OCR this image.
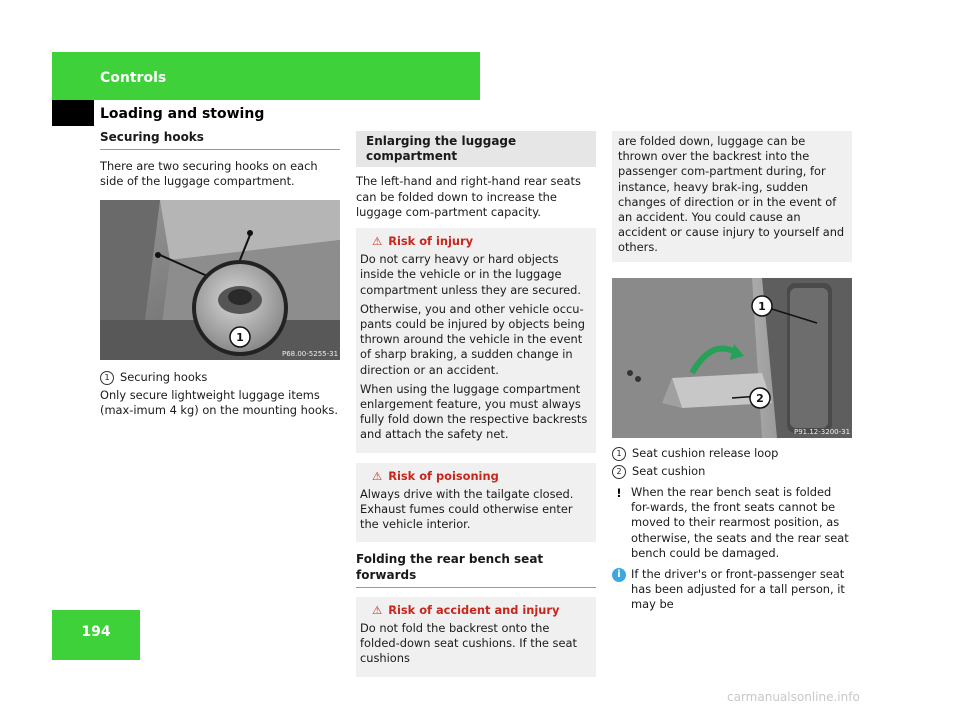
Controls
Loading and stowing
Securing hooks

There are two securing hooks on each side of the luggage compartment.

1
P68.00-5255-31
1 Securing hooks

Only secure lightweight luggage items (max-imum 4 kg) on the mounting hooks.

Enlarging the luggage compartment

The left-hand and right-hand rear seats can be folded down to increase the luggage com-partment capacity.

⚠ Risk of injury

Do not carry heavy or hard objects inside the vehicle or in the luggage compartment unless they are secured.

Otherwise, you and other vehicle occu-pants could be injured by objects being thrown around the vehicle in the event of sharp braking, a sudden change in direction or an accident.

When using the luggage compartment enlargement feature, you must always fully fold down the respective backrests and attach the safety net.

⚠ Risk of poisoning

Always drive with the tailgate closed. Exhaust fumes could otherwise enter the vehicle interior.

Folding the rear bench seat forwards
⚠ Risk of accident and injury

Do not fold the backrest onto the folded-down seat cushions. If the seat cushions

are folded down, luggage can be thrown over the backrest into the passenger com-partment during, for instance, heavy brak-ing, sudden changes of direction or in the event of an accident. You could cause an accident or cause injury to yourself and others.
1
2
P91.12-3200-31
1 Seat cushion release loop
2 Seat cushion
! When the rear bench seat is folded for-wards, the front seats cannot be moved to their rearmost position, as otherwise, the seats and the rear seat bench could be damaged.
i If the driver's or front-passenger seat has been adjusted for a tall person, it may be
194
carmanualsonline.info
